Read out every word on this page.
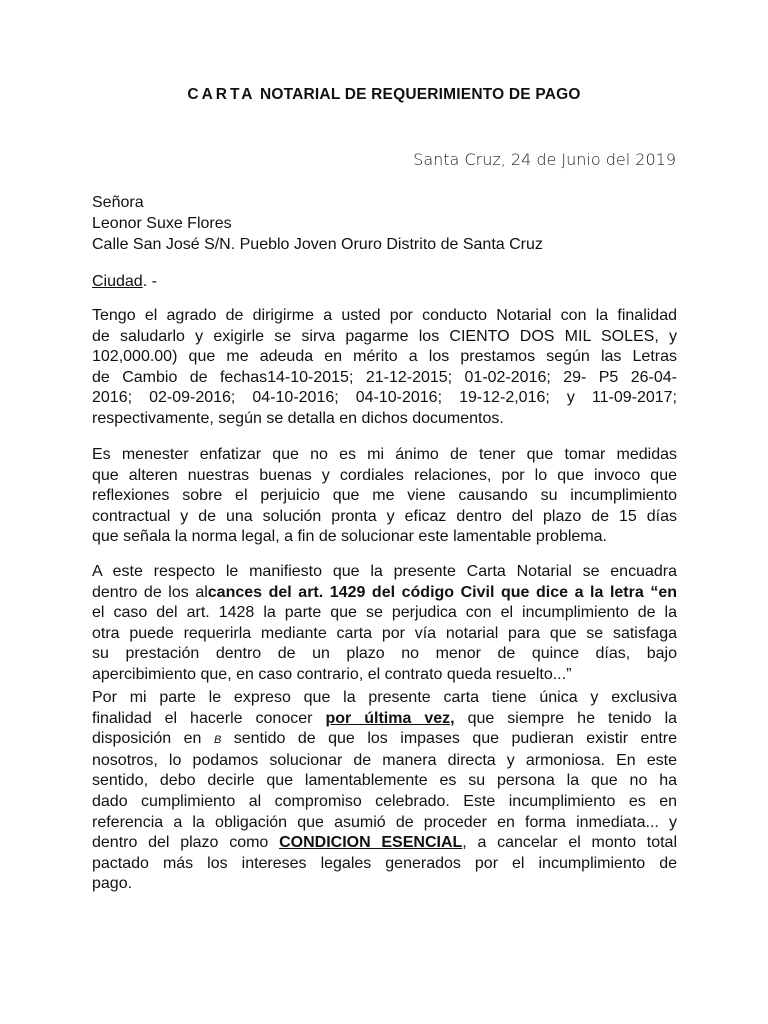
CARTA NOTARIAL DE REQUERIMIENTO DE PAGO
Santa Cruz, 24 de Junio del 2019
Señora
Leonor Suxe Flores
Calle San José S/N. Pueblo Joven Oruro Distrito de Santa Cruz
Ciudad. -
Tengo el agrado de dirigirme a usted por conducto Notarial con la finalidad
de saludarlo y exigirle se sirva pagarme los CIENTO DOS MIL SOLES, y
102,000.00) que me adeuda en mérito a los prestamos según las Letras
de Cambio de fechas14-10-2015; 21-12-2015; 01-02-2016; 29- P5 26-04-
2016; 02-09-2016; 04-10-2016; 04-10-2016; 19-12-2,016; y 11-09-2017;
respectivamente, según se detalla en dichos documentos.
Es menester enfatizar que no es mi ánimo de tener que tomar medidas
que alteren nuestras buenas y cordiales relaciones, por lo que invoco que
reflexiones sobre el perjuicio que me viene causando su incumplimiento
contractual y de una solución pronta y eficaz dentro del plazo de 15 días
que señala la norma legal, a fin de solucionar este lamentable problema.
A este respecto le manifiesto que la presente Carta Notarial se encuadra
dentro de los alcances del art. 1429 del código Civil que dice a la letra “en
el caso del art. 1428 la parte que se perjudica con el incumplimiento de la
otra puede requerirla mediante carta por vía notarial para que se satisfaga
su prestación dentro de un plazo no menor de quince días, bajo
apercibimiento que, en caso contrario, el contrato queda resuelto...”
Por mi parte le expreso que la presente carta tiene única y exclusiva
finalidad el hacerle conocer por última vez, que siempre he tenido la
disposición en B sentido de que los impases que pudieran existir entre
nosotros, lo podamos solucionar de manera directa y armoniosa. En este
sentido, debo decirle que lamentablemente es su persona la que no ha
dado cumplimiento al compromiso celebrado. Este incumplimiento es en
referencia a la obligación que asumió de proceder en forma inmediata... y
dentro del plazo como CONDICION ESENCIAL, a cancelar el monto total
pactado más los intereses legales generados por el incumplimiento de
pago.
